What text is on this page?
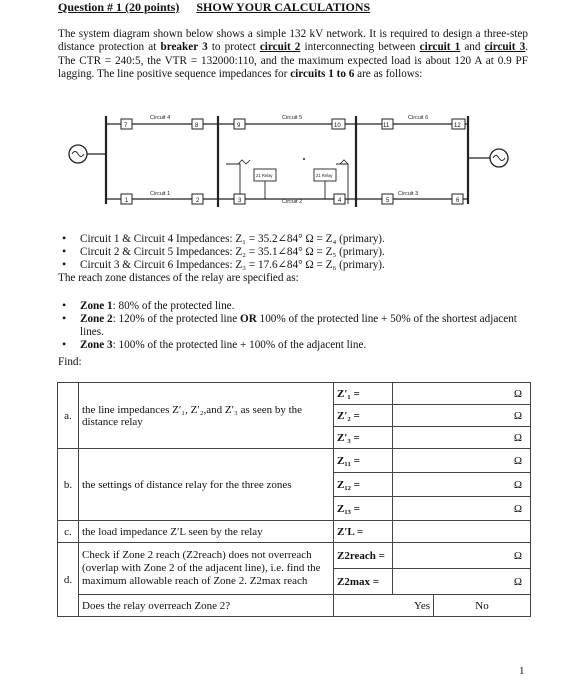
Question # 1 (20 points) SHOW YOUR CALCULATIONS
The system diagram shown below shows a simple 132 kV network. It is required to design a three-step distance protection at breaker 3 to protect circuit 2 interconnecting between circuit 1 and circuit 3. The CTR = 240:5, the VTR = 132000:110, and the maximum expected load is about 120 A at 0.9 PF lagging. The line positive sequence impedances for circuits 1 to 6 are as follows:
Circuit 4	Circuit 5	Circuit 6
Circuit 1
Circuit 2
Circuit 3
21 Relay	21 Relay
7	8	9	10	11	12
1	2	3	4	5	6
• Circuit 1 & Circuit 4 Impedances: Z₁ = 35.2∠84° Ω = Z₄ (primary).
• Circuit 2 & Circuit 5 Impedances: Z₂ = 35.1∠84° Ω = Z₅ (primary).
• Circuit 3 & Circuit 6 Impedances: Z₃ = 17.6∠84° Ω = Z₆ (primary).
The reach zone distances of the relay are specified as:
• Zone 1: 80% of the protected line.
• Zone 2: 120% of the protected line OR 100% of the protected line + 50% of the shortest adjacent lines.
• Zone 3: 100% of the protected line + 100% of the adjacent line.
Find:
a.	the line impedances Zʹ₁, Zʹ₂,and Zʹ₃ as seen by the distance relay	Zʹ₁ =	Ω	
		Zʹ₂ =	Ω	
		Zʹ₃ =	Ω	
b.	the settings of distance relay for the three zones	Z₁₁ =	Ω	
		Z₁₂ =	Ω	
		Z₁₃ =	Ω	
c.	the load impedance ZʹL seen by the relay	ZʹL =		
d.	Check if Zone 2 reach (Z2reach) does not overreach (overlap with Zone 2 of the adjacent line), i.e. find the maximum allowable reach of Zone 2. Z2max reach	Z2reach =	Ω	
		Z2max =	Ω	
	Does the relay overreach Zone 2?	Yes		No
1
